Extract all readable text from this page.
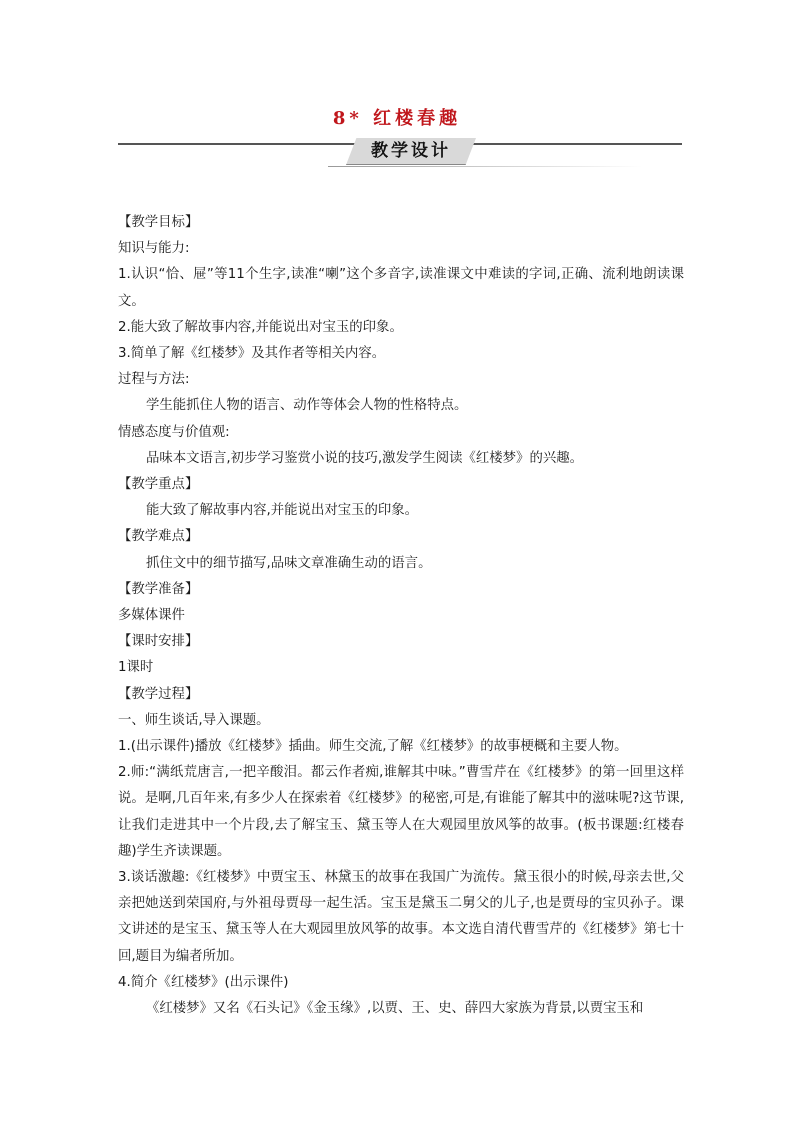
8* 红楼春趣
教学设计

【教学目标】

知识与能力:

1.认识“恰、屉”等11个生字,读准“喇”这个多音字,读准课文中难读的字词,正确、流利地朗读课文。

2.能大致了解故事内容,并能说出对宝玉的印象。

3.简单了解《红楼梦》及其作者等相关内容。

过程与方法:

学生能抓住人物的语言、动作等体会人物的性格特点。

情感态度与价值观:

品味本文语言,初步学习鉴赏小说的技巧,激发学生阅读《红楼梦》的兴趣。

【教学重点】

能大致了解故事内容,并能说出对宝玉的印象。

【教学难点】

抓住文中的细节描写,品味文章准确生动的语言。

【教学准备】

多媒体课件

【课时安排】

1课时

【教学过程】

一、师生谈话,导入课题。

1.(出示课件)播放《红楼梦》插曲。师生交流,了解《红楼梦》的故事梗概和主要人物。

2.师:“满纸荒唐言,一把辛酸泪。都云作者痴,谁解其中味。”曹雪芹在《红楼梦》的第一回里这样说。是啊,几百年来,有多少人在探索着《红楼梦》的秘密,可是,有谁能了解其中的滋味呢?这节课,让我们走进其中一个片段,去了解宝玉、黛玉等人在大观园里放风筝的故事。(板书课题:红楼春趣)学生齐读课题。

3.谈话激趣:《红楼梦》中贾宝玉、林黛玉的故事在我国广为流传。黛玉很小的时候,母亲去世,父亲把她送到荣国府,与外祖母贾母一起生活。宝玉是黛玉二舅父的儿子,也是贾母的宝贝孙子。课文讲述的是宝玉、黛玉等人在大观园里放风筝的故事。本文选自清代曹雪芹的《红楼梦》第七十回,题目为编者所加。

4.简介《红楼梦》(出示课件)

《红楼梦》又名《石头记》《金玉缘》,以贾、王、史、薛四大家族为背景,以贾宝玉和
